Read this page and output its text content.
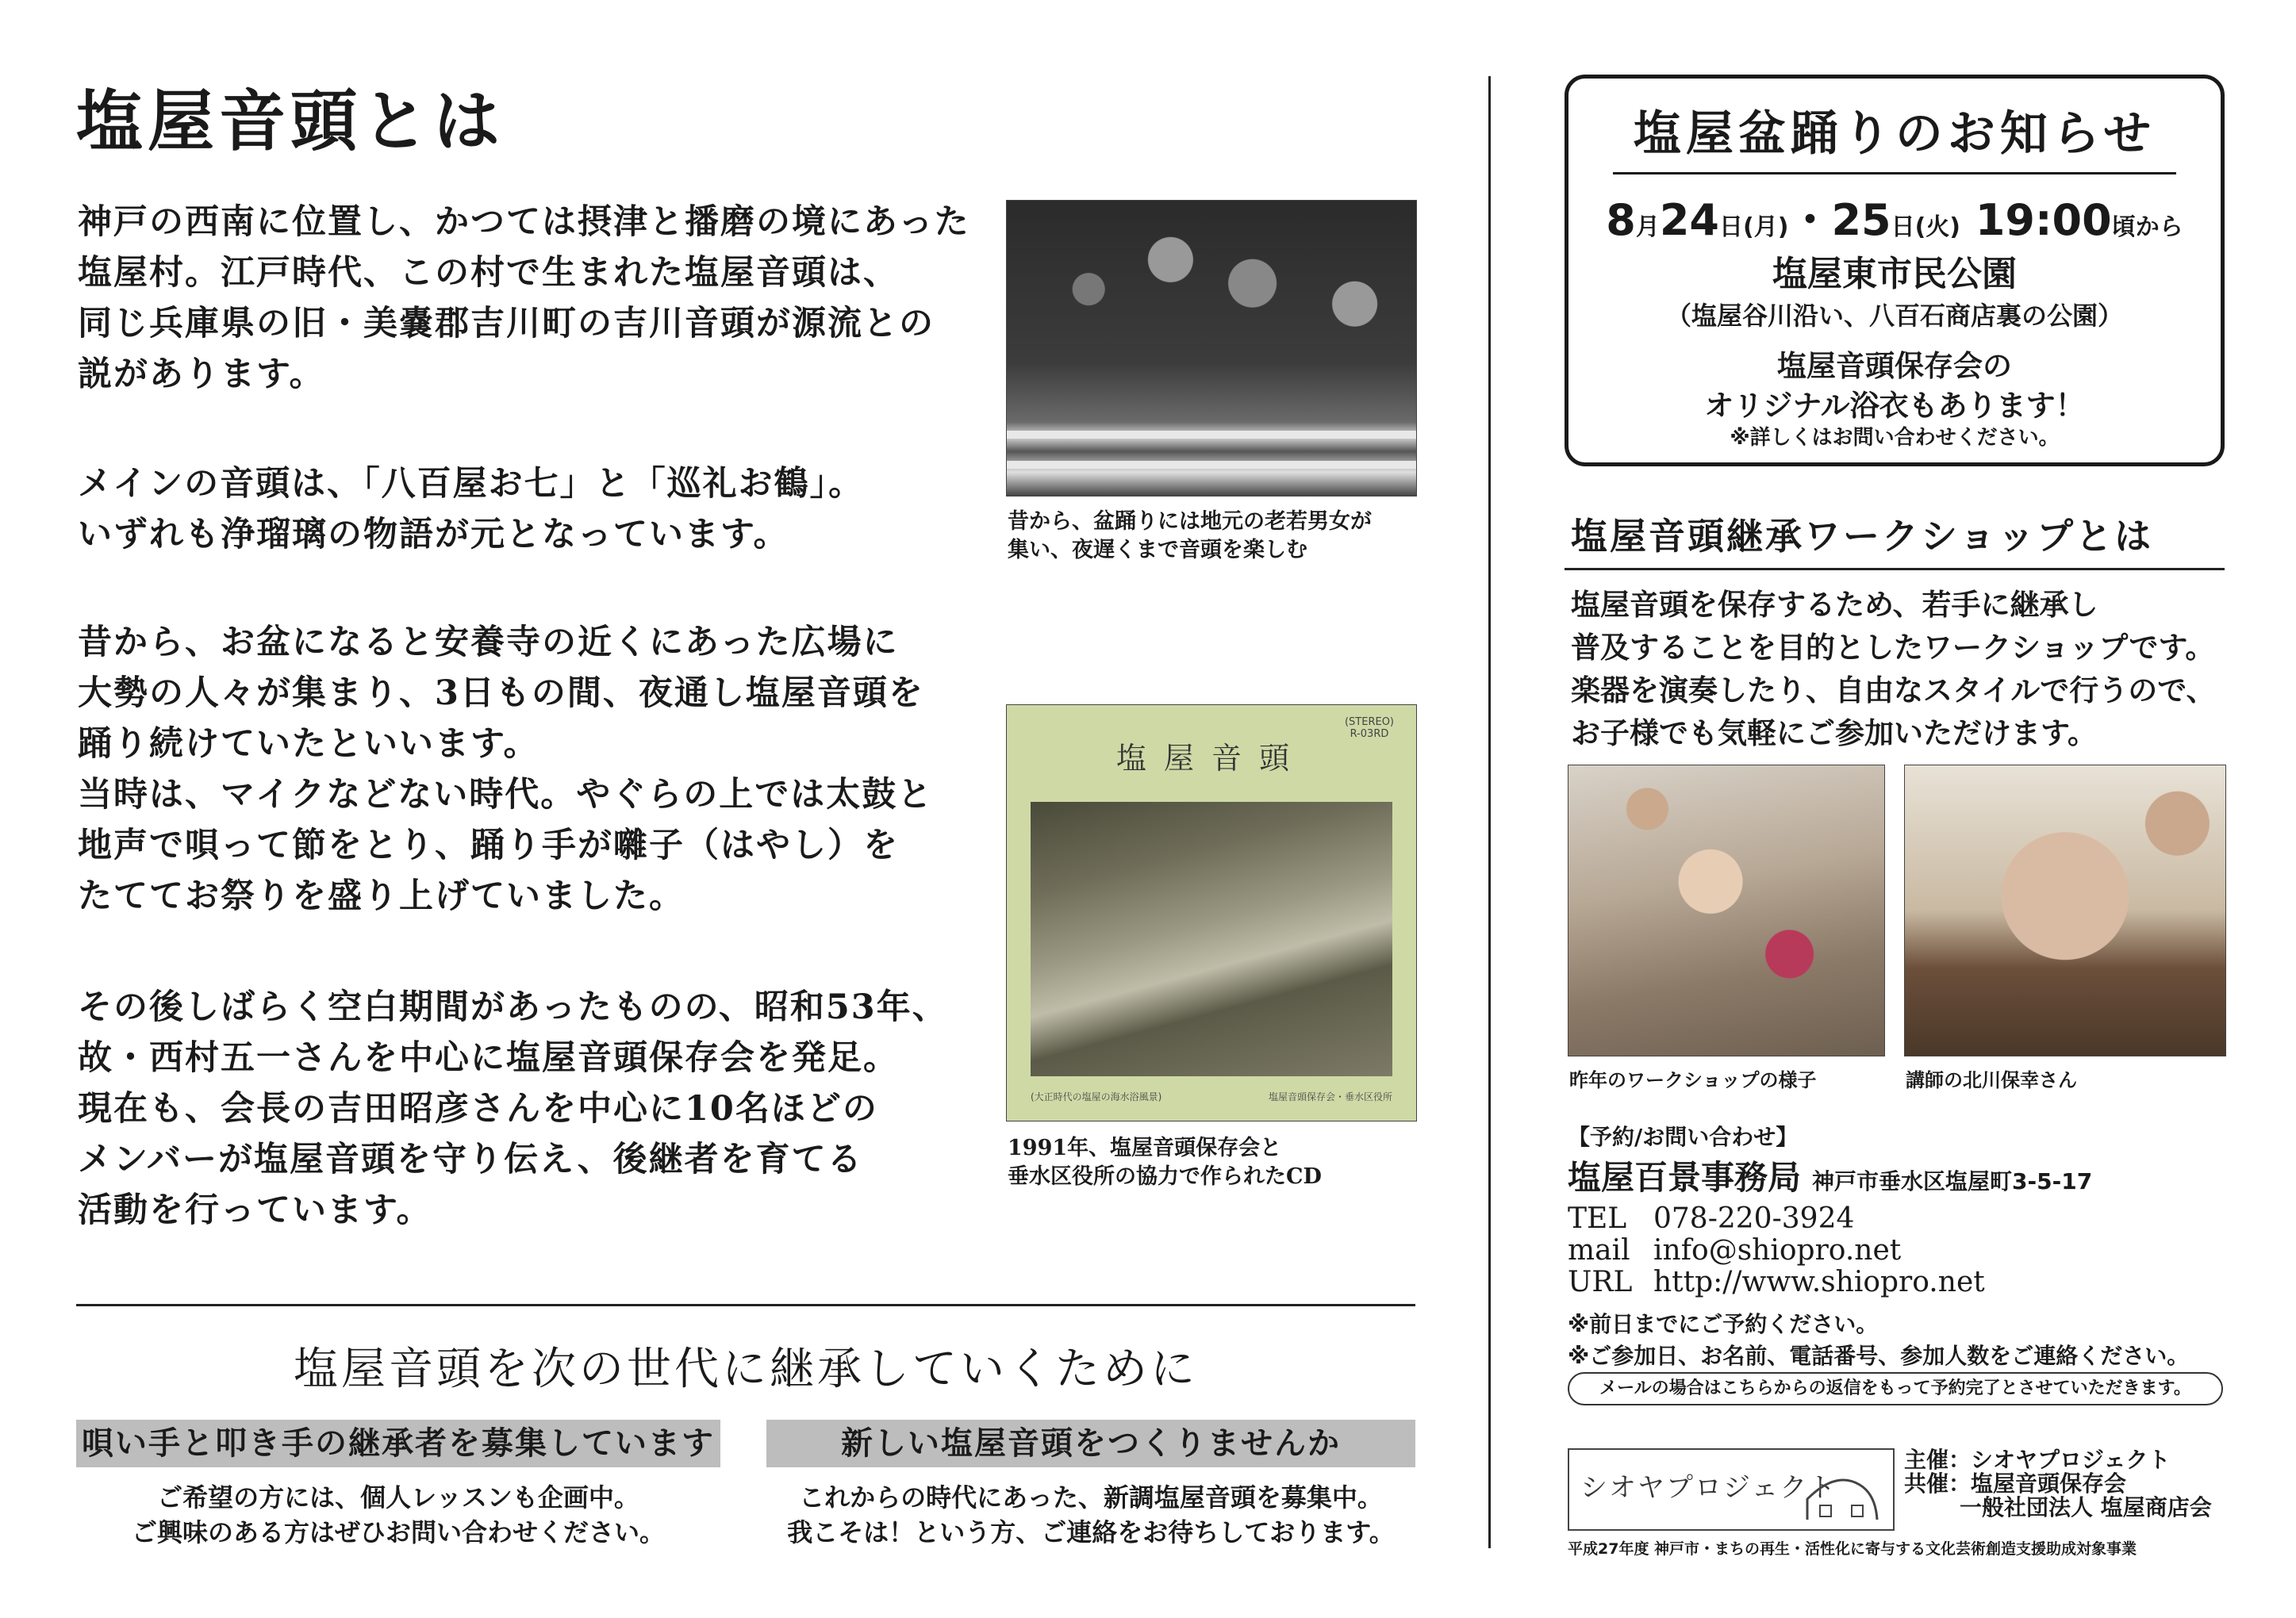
塩屋音頭とは
神戸の西南に位置し、かつては摂津と播磨の境にあった
塩屋村。江戸時代、この村で生まれた塩屋音頭は、
同じ兵庫県の旧・美嚢郡吉川町の吉川音頭が源流との
説があります。
メインの音頭は、「八百屋お七」と「巡礼お鶴」。
いずれも浄瑠璃の物語が元となっています。
昔から、お盆になると安養寺の近くにあった広場に
大勢の人々が集まり、3日もの間、夜通し塩屋音頭を
踊り続けていたといいます。
当時は、マイクなどない時代。やぐらの上では太鼓と
地声で唄って節をとり、踊り手が囃子（はやし）を
たててお祭りを盛り上げていました。
その後しばらく空白期間があったものの、昭和53年、
故・西村五一さんを中心に塩屋音頭保存会を発足。
現在も、会長の吉田昭彦さんを中心に10名ほどの
メンバーが塩屋音頭を守り伝え、後継者を育てる
活動を行っています。
昔から、盆踊りには地元の老若男女が
集い、夜遅くまで音頭を楽しむ
(STEREO)
R-03RD
塩屋音頭
(大正時代の塩屋の海水浴風景)	塩屋音頭保存会・垂水区役所
1991年、塩屋音頭保存会と
垂水区役所の協力で作られたCD
塩屋音頭を次の世代に継承していくために
唄い手と叩き手の継承者を募集しています
ご希望の方には、個人レッスンも企画中。
ご興味のある方はぜひお問い合わせください。
新しい塩屋音頭をつくりませんか
これからの時代にあった、新調塩屋音頭を募集中。
我こそは！という方、ご連絡をお待ちしております。
塩屋盆踊りのお知らせ
8月24日(月)・25日(火) 19:00頃から
塩屋東市民公園
（塩屋谷川沿い、八百石商店裏の公園）
塩屋音頭保存会の
オリジナル浴衣もあります！
※詳しくはお問い合わせください。
塩屋音頭継承ワークショップとは
塩屋音頭を保存するため、若手に継承し
普及することを目的としたワークショップです。
楽器を演奏したり、自由なスタイルで行うので、
お子様でも気軽にご参加いただけます。
昨年のワークショップの様子	講師の北川保幸さん
【予約/お問い合わせ】
塩屋百景事務局 神戸市垂水区塩屋町3-5-17
TEL 078-220-3924
mail info@shiopro.net
URL http://www.shiopro.net
※前日までにご予約ください。
※ご参加日、お名前、電話番号、参加人数をご連絡ください。
メールの場合はこちらからの返信をもって予約完了とさせていただきます。
シオヤプロジェクト
主催：シオヤプロジェクト
共催：塩屋音頭保存会
一般社団法人 塩屋商店会
平成27年度 神戸市・まちの再生・活性化に寄与する文化芸術創造支援助成対象事業
